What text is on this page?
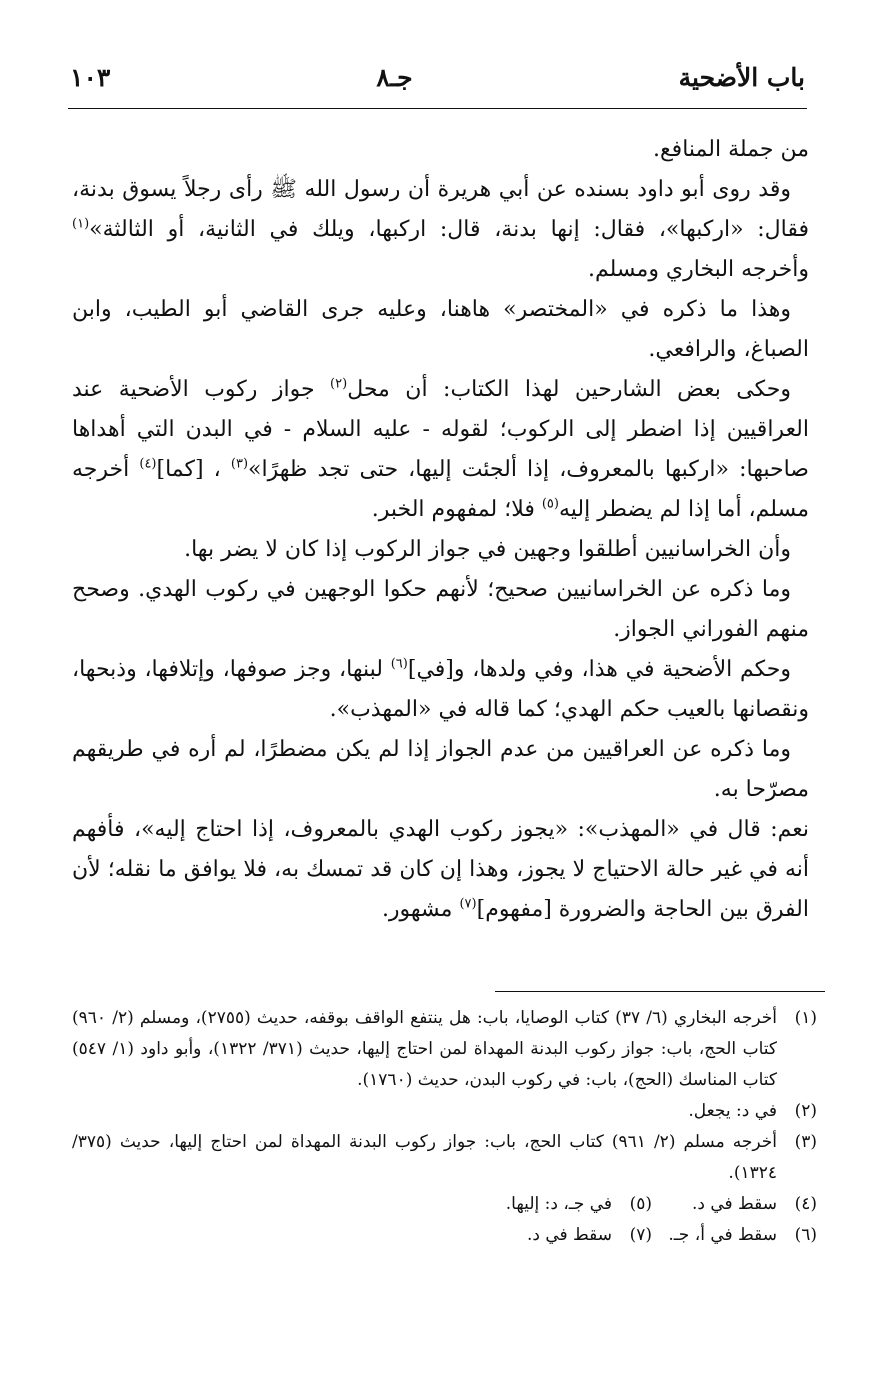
باب الأضحية
جـ٨
١٠٣

من جملة المنافع.

وقد روى أبو داود بسنده عن أبي هريرة أن رسول الله ﷺ رأى رجلاً يسوق بدنة، فقال: «اركبها»، فقال: إنها بدنة، قال: اركبها، ويلك في الثانية، أو الثالثة»$^{(١)}$ وأخرجه البخاري ومسلم.

وهذا ما ذكره في «المختصر» هاهنا، وعليه جرى القاضي أبو الطيب، وابن الصباغ، والرافعي.

وحكى بعض الشارحين لهذا الكتاب: أن محل$^{(٢)}$ جواز ركوب الأضحية عند العراقيين إذا اضطر إلى الركوب؛ لقوله - عليه السلام - في البدن التي أهداها صاحبها: «اركبها بالمعروف، إذا ألجئت إليها، حتى تجد ظهرًا»$^{(٣)}$ ، [كما]$^{(٤)}$ أخرجه مسلم، أما إذا لم يضطر إليه$^{(٥)}$ فلا؛ لمفهوم الخبر.

وأن الخراسانيين أطلقوا وجهين في جواز الركوب إذا كان لا يضر بها.

وما ذكره عن الخراسانيين صحيح؛ لأنهم حكوا الوجهين في ركوب الهدي. وصحح منهم الفوراني الجواز.

وحكم الأضحية في هذا، وفي ولدها، و[في]$^{(٦)}$ لبنها، وجز صوفها، وإتلافها، وذبحها، ونقصانها بالعيب حكم الهدي؛ كما قاله في «المهذب».

وما ذكره عن العراقيين من عدم الجواز إذا لم يكن مضطرًا، لم أره في طريقهم مصرّحا به.

نعم: قال في «المهذب»: «يجوز ركوب الهدي بالمعروف، إذا احتاج إليه»، فأفهم أنه في غير حالة الاحتياج لا يجوز، وهذا إن كان قد تمسك به، فلا يوافق ما نقله؛ لأن الفرق بين الحاجة والضرورة [مفهوم]$^{(٧)}$ مشهور.

(١)
أخرجه البخاري (٦/ ٣٧) كتاب الوصايا، باب: هل ينتفع الواقف بوقفه، حديث (٢٧٥٥)، ومسلم (٢/ ٩٦٠) كتاب الحج، باب: جواز ركوب البدنة المهداة لمن احتاج إليها، حديث (٣٧١/ ١٣٢٢)، وأبو داود (١/ ٥٤٧) كتاب المناسك (الحج)، باب: في ركوب البدن، حديث (١٧٦٠).
(٢)
في د: يجعل.
(٣)
أخرجه مسلم (٢/ ٩٦١) كتاب الحج، باب: جواز ركوب البدنة المهداة لمن احتاج إليها، حديث (٣٧٥/ ١٣٢٤).
(٤)
سقط في د.
(٥)
في جـ، د: إليها.
(٦)
سقط في أ، جـ.
(٧)
سقط في د.
